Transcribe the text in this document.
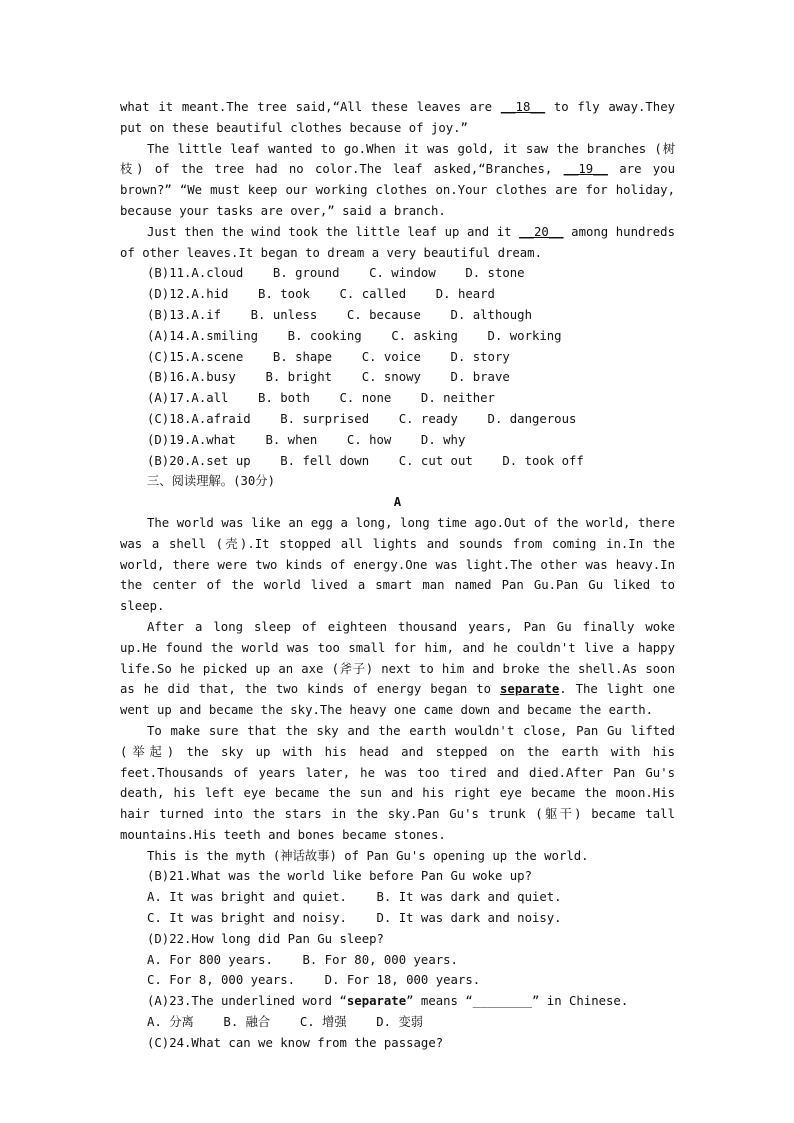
what it meant.The tree said,“All these leaves are __18__ to fly away.They put on these beautiful clothes because of joy.”

The little leaf wanted to go.When it was gold, it saw the branches (树枝) of the tree had no color.The leaf asked,“Branches, __19__ are you brown?” “We must keep our working clothes on.Your clothes are for holiday, because your tasks are over,” said a branch.

Just then the wind took the little leaf up and it __20__ among hundreds of other leaves.It began to dream a very beautiful dream.

(B)11.A.cloud    B. ground    C. window    D. stone

(D)12.A.hid    B. took    C. called    D. heard

(B)13.A.if    B. unless    C. because    D. although

(A)14.A.smiling    B. cooking    C. asking    D. working

(C)15.A.scene    B. shape    C. voice    D. story

(B)16.A.busy    B. bright    C. snowy    D. brave

(A)17.A.all    B. both    C. none    D. neither

(C)18.A.afraid    B. surprised    C. ready    D. dangerous

(D)19.A.what    B. when    C. how    D. why

(B)20.A.set up    B. fell down    C. cut out    D. took off

三、阅读理解。(30分)

A

The world was like an egg a long, long time ago.Out of the world, there was a shell (壳).It stopped all lights and sounds from coming in.In the world, there were two kinds of energy.One was light.The other was heavy.In the center of the world lived a smart man named Pan Gu.Pan Gu liked to sleep.

After a long sleep of eighteen thousand years, Pan Gu finally woke up.He found the world was too small for him, and he couldn't live a happy life.So he picked up an axe (斧子) next to him and broke the shell.As soon as he did that, the two kinds of energy began to separate. The light one went up and became the sky.The heavy one came down and became the earth.

To make sure that the sky and the earth wouldn't close, Pan Gu lifted (举起) the sky up with his head and stepped on the earth with his feet.Thousands of years later, he was too tired and died.After Pan Gu's death, his left eye became the sun and his right eye became the moon.His hair turned into the stars in the sky.Pan Gu's trunk (躯干) became tall mountains.His teeth and bones became stones.

This is the myth (神话故事) of Pan Gu's opening up the world.

(B)21.What was the world like before Pan Gu woke up?

A. It was bright and quiet.    B. It was dark and quiet.

C. It was bright and noisy.    D. It was dark and noisy.

(D)22.How long did Pan Gu sleep?

A. For 800 years.    B. For 80, 000 years.

C. For 8, 000 years.    D. For 18, 000 years.

(A)23.The underlined word “separate” means “________” in Chinese.

A. 分离    B. 融合    C. 增强    D. 变弱

(C)24.What can we know from the passage?
